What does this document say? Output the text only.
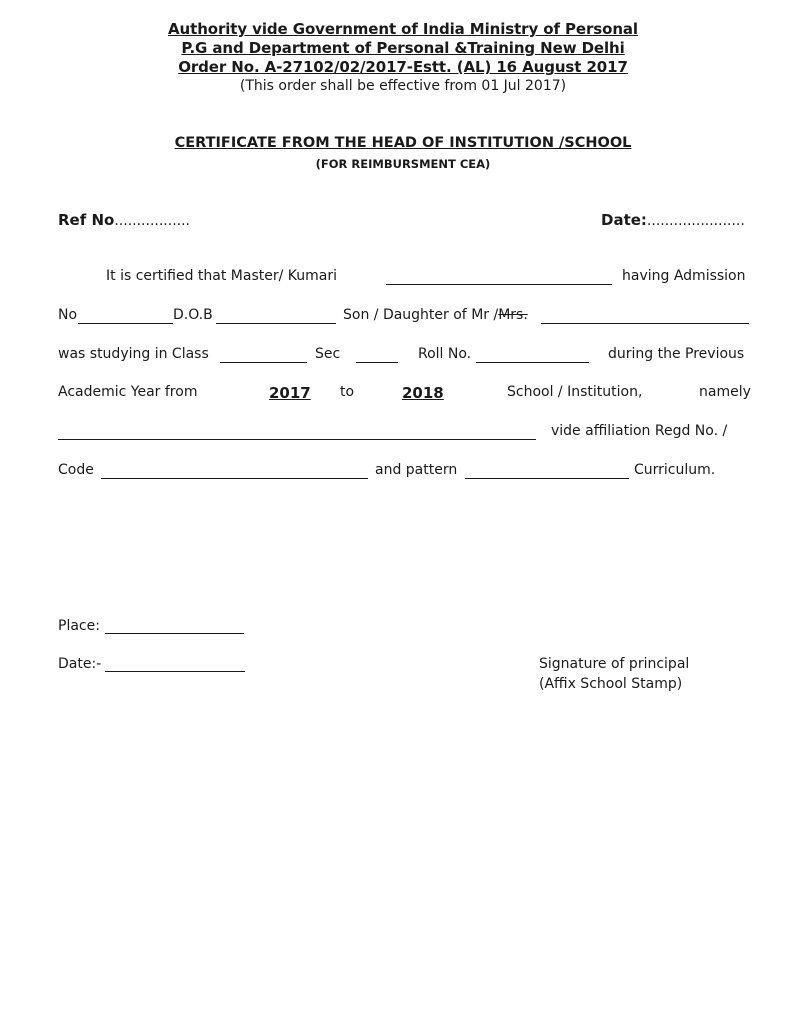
Authority vide Government of India Ministry of Personal
P.G and Department of Personal &Training New Delhi
Order No. A-27102/02/2017-Estt. (AL) 16 August 2017
(This order shall be effective from 01 Jul 2017)
CERTIFICATE FROM THE HEAD OF INSTITUTION /SCHOOL
(FOR REIMBURSMENT CEA)
Ref No.................	Date:......................
It is certified that Master/ Kumari	having Admission
No	D.O.B	Son / Daughter of Mr /Mrs.
was studying in Class	Sec	Roll No.	during the Previous
Academic Year from	2017 to	2018	School / Institution,	namely
vide affiliation Regd No. /
Code	and pattern	Curriculum.
Place:
Date:-	Signature of principal
(Affix School Stamp)
